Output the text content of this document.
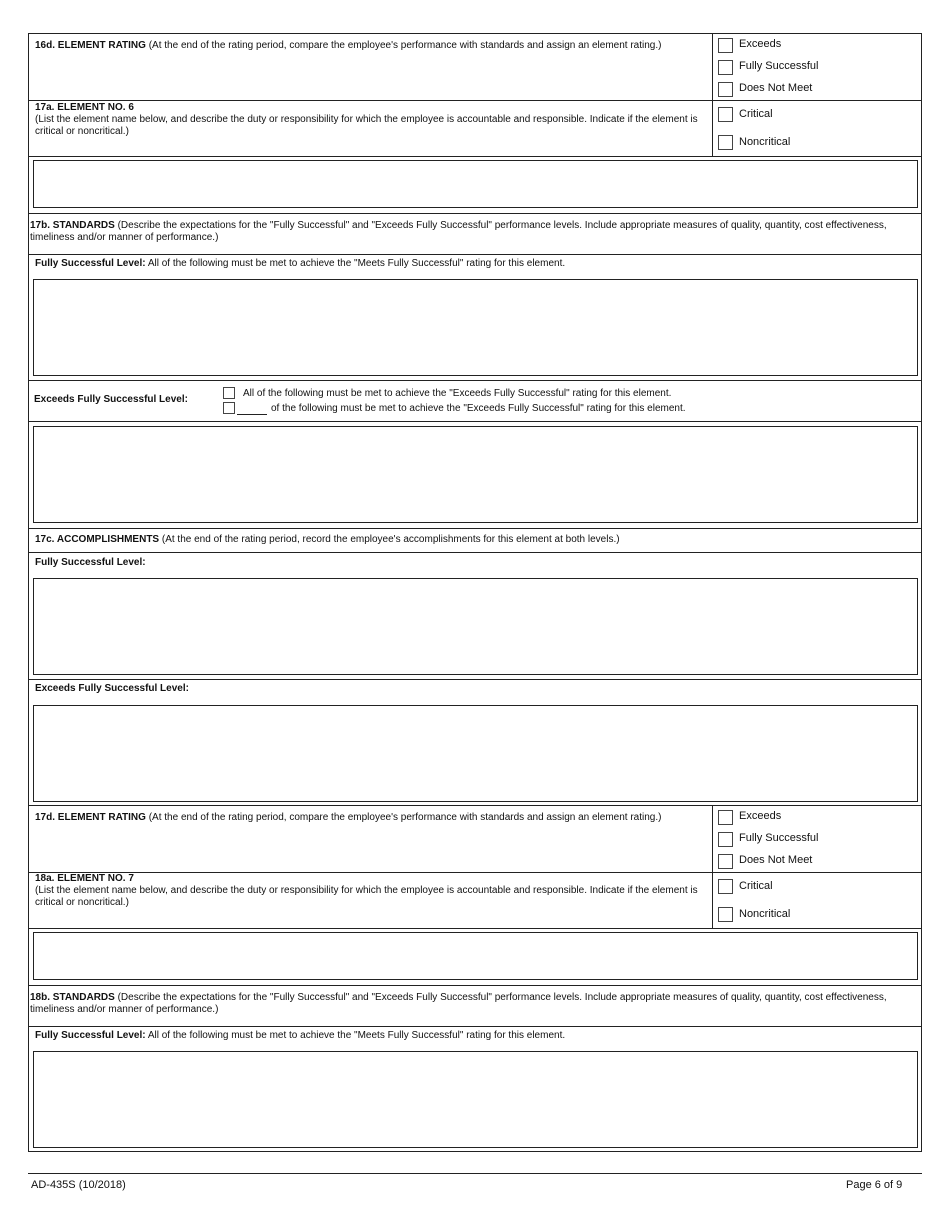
16d. ELEMENT RATING (At the end of the rating period, compare the employee's performance with standards and assign an element rating.)	Exceeds
Fully Successful
Does Not Meet
17a. ELEMENT NO. 6
(List the element name below, and describe the duty or responsibility for which the employee is accountable and responsible. Indicate if the element is critical or noncritical.)
Critical
Noncritical
17b. STANDARDS (Describe the expectations for the "Fully Successful" and "Exceeds Fully Successful" performance levels. Include appropriate measures of quality, quantity, cost effectiveness, timeliness and/or manner of performance.)
Fully Successful Level: All of the following must be met to achieve the "Meets Fully Successful" rating for this element.
Exceeds Fully Successful Level:
All of the following must be met to achieve the "Exceeds Fully Successful" rating for this element.
of the following must be met to achieve the "Exceeds Fully Successful" rating for this element.
17c. ACCOMPLISHMENTS (At the end of the rating period, record the employee's accomplishments for this element at both levels.)
Fully Successful Level:
Exceeds Fully Successful Level:
17d. ELEMENT RATING (At the end of the rating period, compare the employee's performance with standards and assign an element rating.)	Exceeds
Fully Successful
Does Not Meet
18a. ELEMENT NO. 7
(List the element name below, and describe the duty or responsibility for which the employee is accountable and responsible. Indicate if the element is critical or noncritical.)
Critical
Noncritical
18b. STANDARDS (Describe the expectations for the "Fully Successful" and "Exceeds Fully Successful" performance levels. Include appropriate measures of quality, quantity, cost effectiveness, timeliness and/or manner of performance.)
Fully Successful Level: All of the following must be met to achieve the "Meets Fully Successful" rating for this element.
AD-435S (10/2018)	Page 6 of 9
